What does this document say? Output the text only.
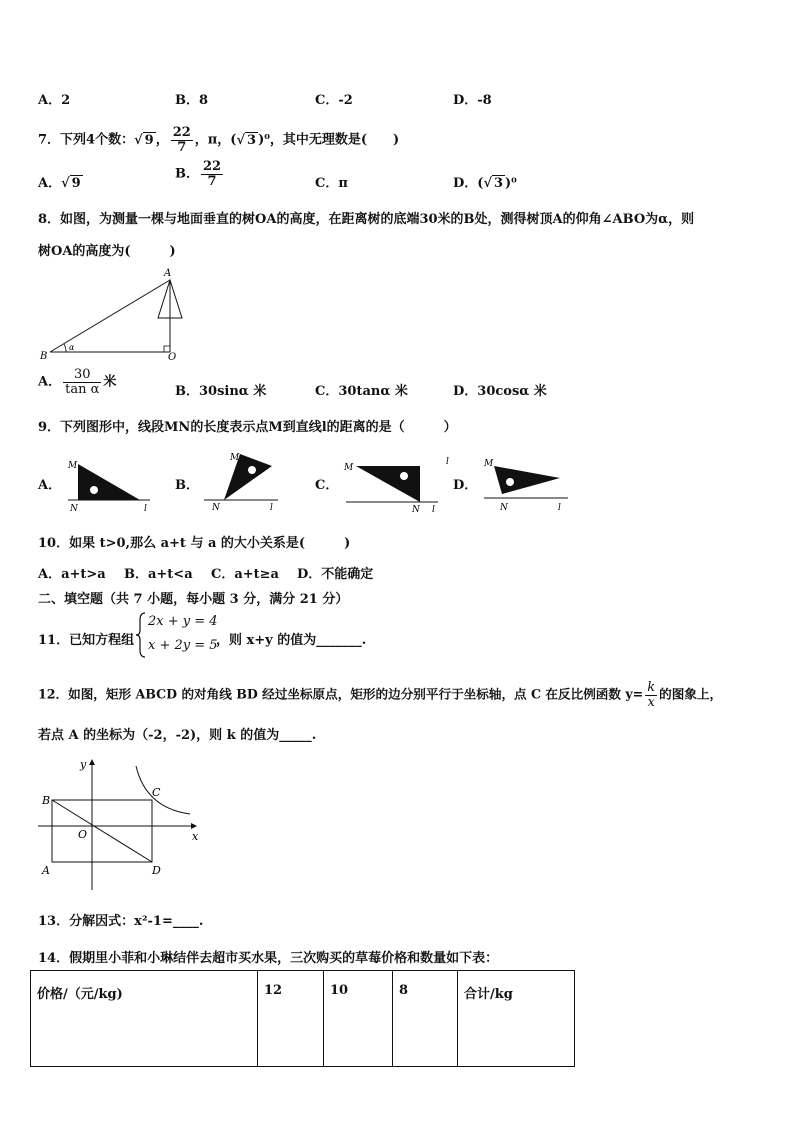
A．2	B．8	C．-2	D．-8
7．下列4个数：√ 9 ， $\frac{22}{7}$ ，π，(√ 3 )⁰，其中无理数是(　　)
A．√ 9
B． $\frac{22}{7}$	C．π	D．(√ 3 )⁰
8．如图，为测量一棵与地面垂直的树OA的高度，在距离树的底端30米的B处，测得树顶A的仰角∠ABO为α，则
树OA的高度为(　　　)
B
A
O
α
A． $\frac{30}{\text{tan α}}$ 米
B．30sinα 米	C．30tanα 米	D．30cosα 米
9．下列图形中，线段MN的长度表示点M到直线l的距离的是（　　　）
A．
M
N	l
B．
M
N	l
C．
M
N l
l
D．
M
N	l
10．如果 t>0,那么 a+t 与 a 的大小关系是(　　　)
A．a+t>a B．a+t<a C．a+t≥a D．不能确定
二、填空题（共 7 小题，每小题 3 分，满分 21 分）
11．已知方程组
2x + y = 4
x + 2y = 5
，则 x+y 的值为_______.
12．如图，矩形 ABCD 的对角线 BD 经过坐标原点，矩形的边分别平行于坐标轴，点 C 在反比例函数 $y= \frac{k}{x}$ 的图象上，
若点 A 的坐标为（-2，-2)，则 k 的值为_____.
y
x
O
B
A
C
D
13．分解因式：x²-1=____.
14．假期里小菲和小琳结伴去超市买水果，三次购买的草莓价格和数量如下表：
价格/（元/kg)	12	10	8	合计/kg
